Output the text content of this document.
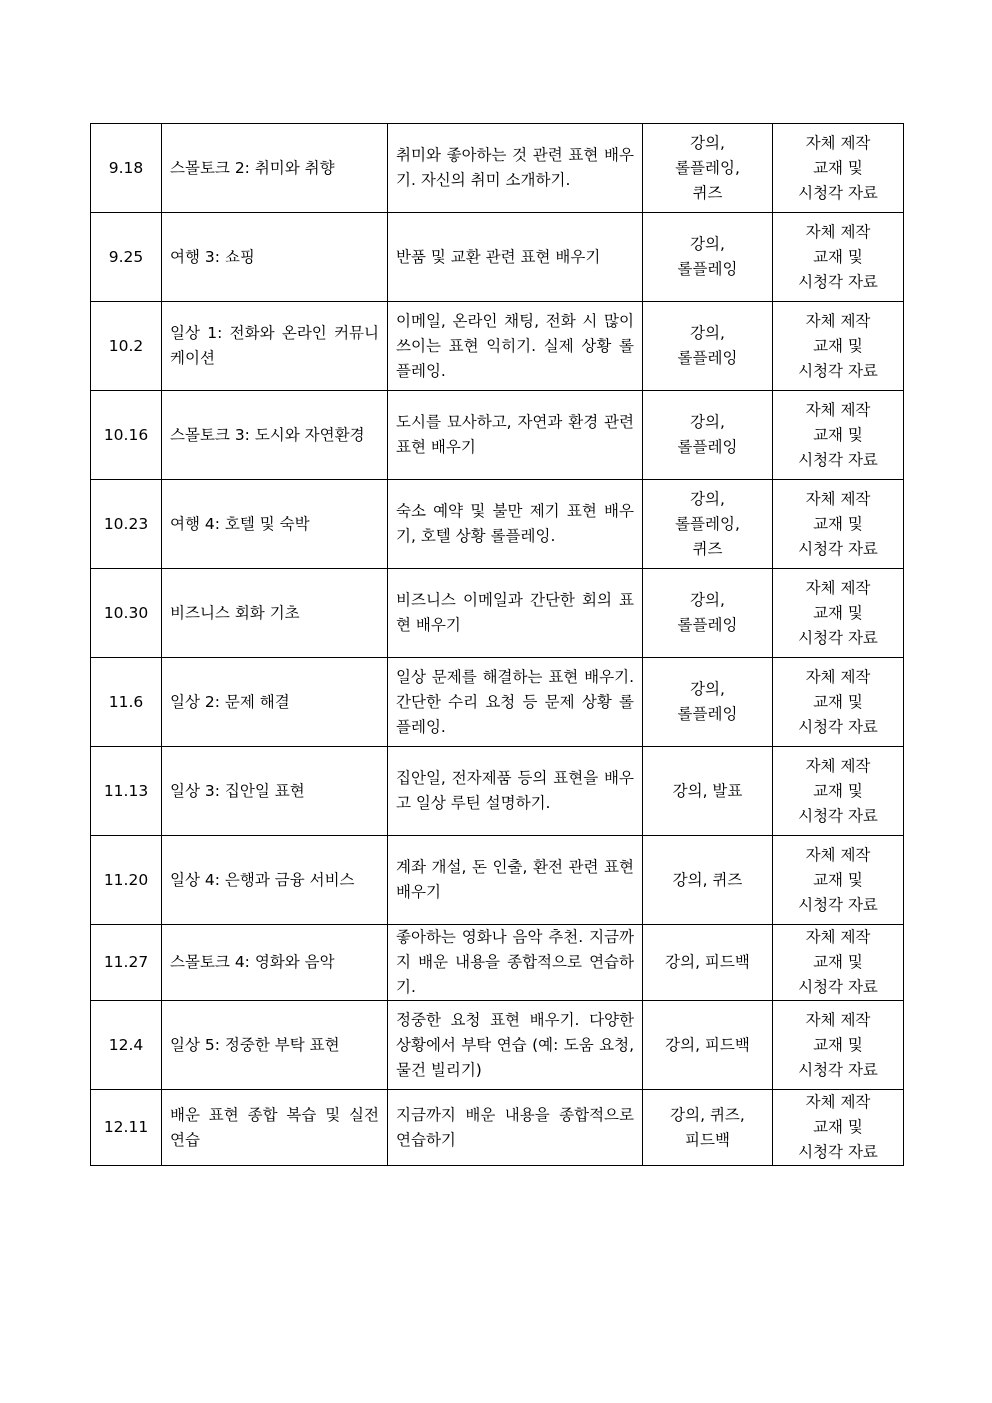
9.18	스몰토크 2: 취미와 취향	취미와 좋아하는 것 관련 표현 배우기. 자신의 취미 소개하기.	강의,
롤플레잉,
퀴즈	자체 제작
교재 및
시청각 자료

9.25	여행 3: 쇼핑	반품 및 교환 관련 표현 배우기	강의,
롤플레잉	자체 제작
교재 및
시청각 자료

10.2	일상 1: 전화와 온라인 커뮤니케이션	이메일, 온라인 채팅, 전화 시 많이 쓰이는 표현 익히기. 실제 상황 롤플레잉.	강의,
롤플레잉	자체 제작
교재 및
시청각 자료

10.16	스몰토크 3: 도시와 자연환경	도시를 묘사하고, 자연과 환경 관련 표현 배우기	강의,
롤플레잉	자체 제작
교재 및
시청각 자료

10.23	여행 4: 호텔 및 숙박	숙소 예약 및 불만 제기 표현 배우기, 호텔 상황 롤플레잉.	강의,
롤플레잉,
퀴즈	자체 제작
교재 및
시청각 자료

10.30	비즈니스 회화 기초	비즈니스 이메일과 간단한 회의 표현 배우기	강의,
롤플레잉	자체 제작
교재 및
시청각 자료

11.6	일상 2: 문제 해결	일상 문제를 해결하는 표현 배우기. 간단한 수리 요청 등 문제 상황 롤플레잉.	강의,
롤플레잉	자체 제작
교재 및
시청각 자료

11.13	일상 3: 집안일 표현	집안일, 전자제품 등의 표현을 배우고 일상 루틴 설명하기.	강의, 발표	자체 제작
교재 및
시청각 자료

11.20	일상 4: 은행과 금융 서비스	계좌 개설, 돈 인출, 환전 관련 표현 배우기	강의, 퀴즈	자체 제작
교재 및
시청각 자료

11.27	스몰토크 4: 영화와 음악	좋아하는 영화나 음악 추천. 지금까지 배운 내용을 종합적으로 연습하기.	강의, 피드백	자체 제작
교재 및
시청각 자료

12.4	일상 5: 정중한 부탁 표현	정중한 요청 표현 배우기. 다양한 상황에서 부탁 연습 (예: 도움 요청, 물건 빌리기)	강의, 피드백	자체 제작
교재 및
시청각 자료

12.11	배운 표현 종합 복습 및 실전 연습	지금까지 배운 내용을 종합적으로 연습하기	강의, 퀴즈,
피드백	자체 제작
교재 및
시청각 자료
